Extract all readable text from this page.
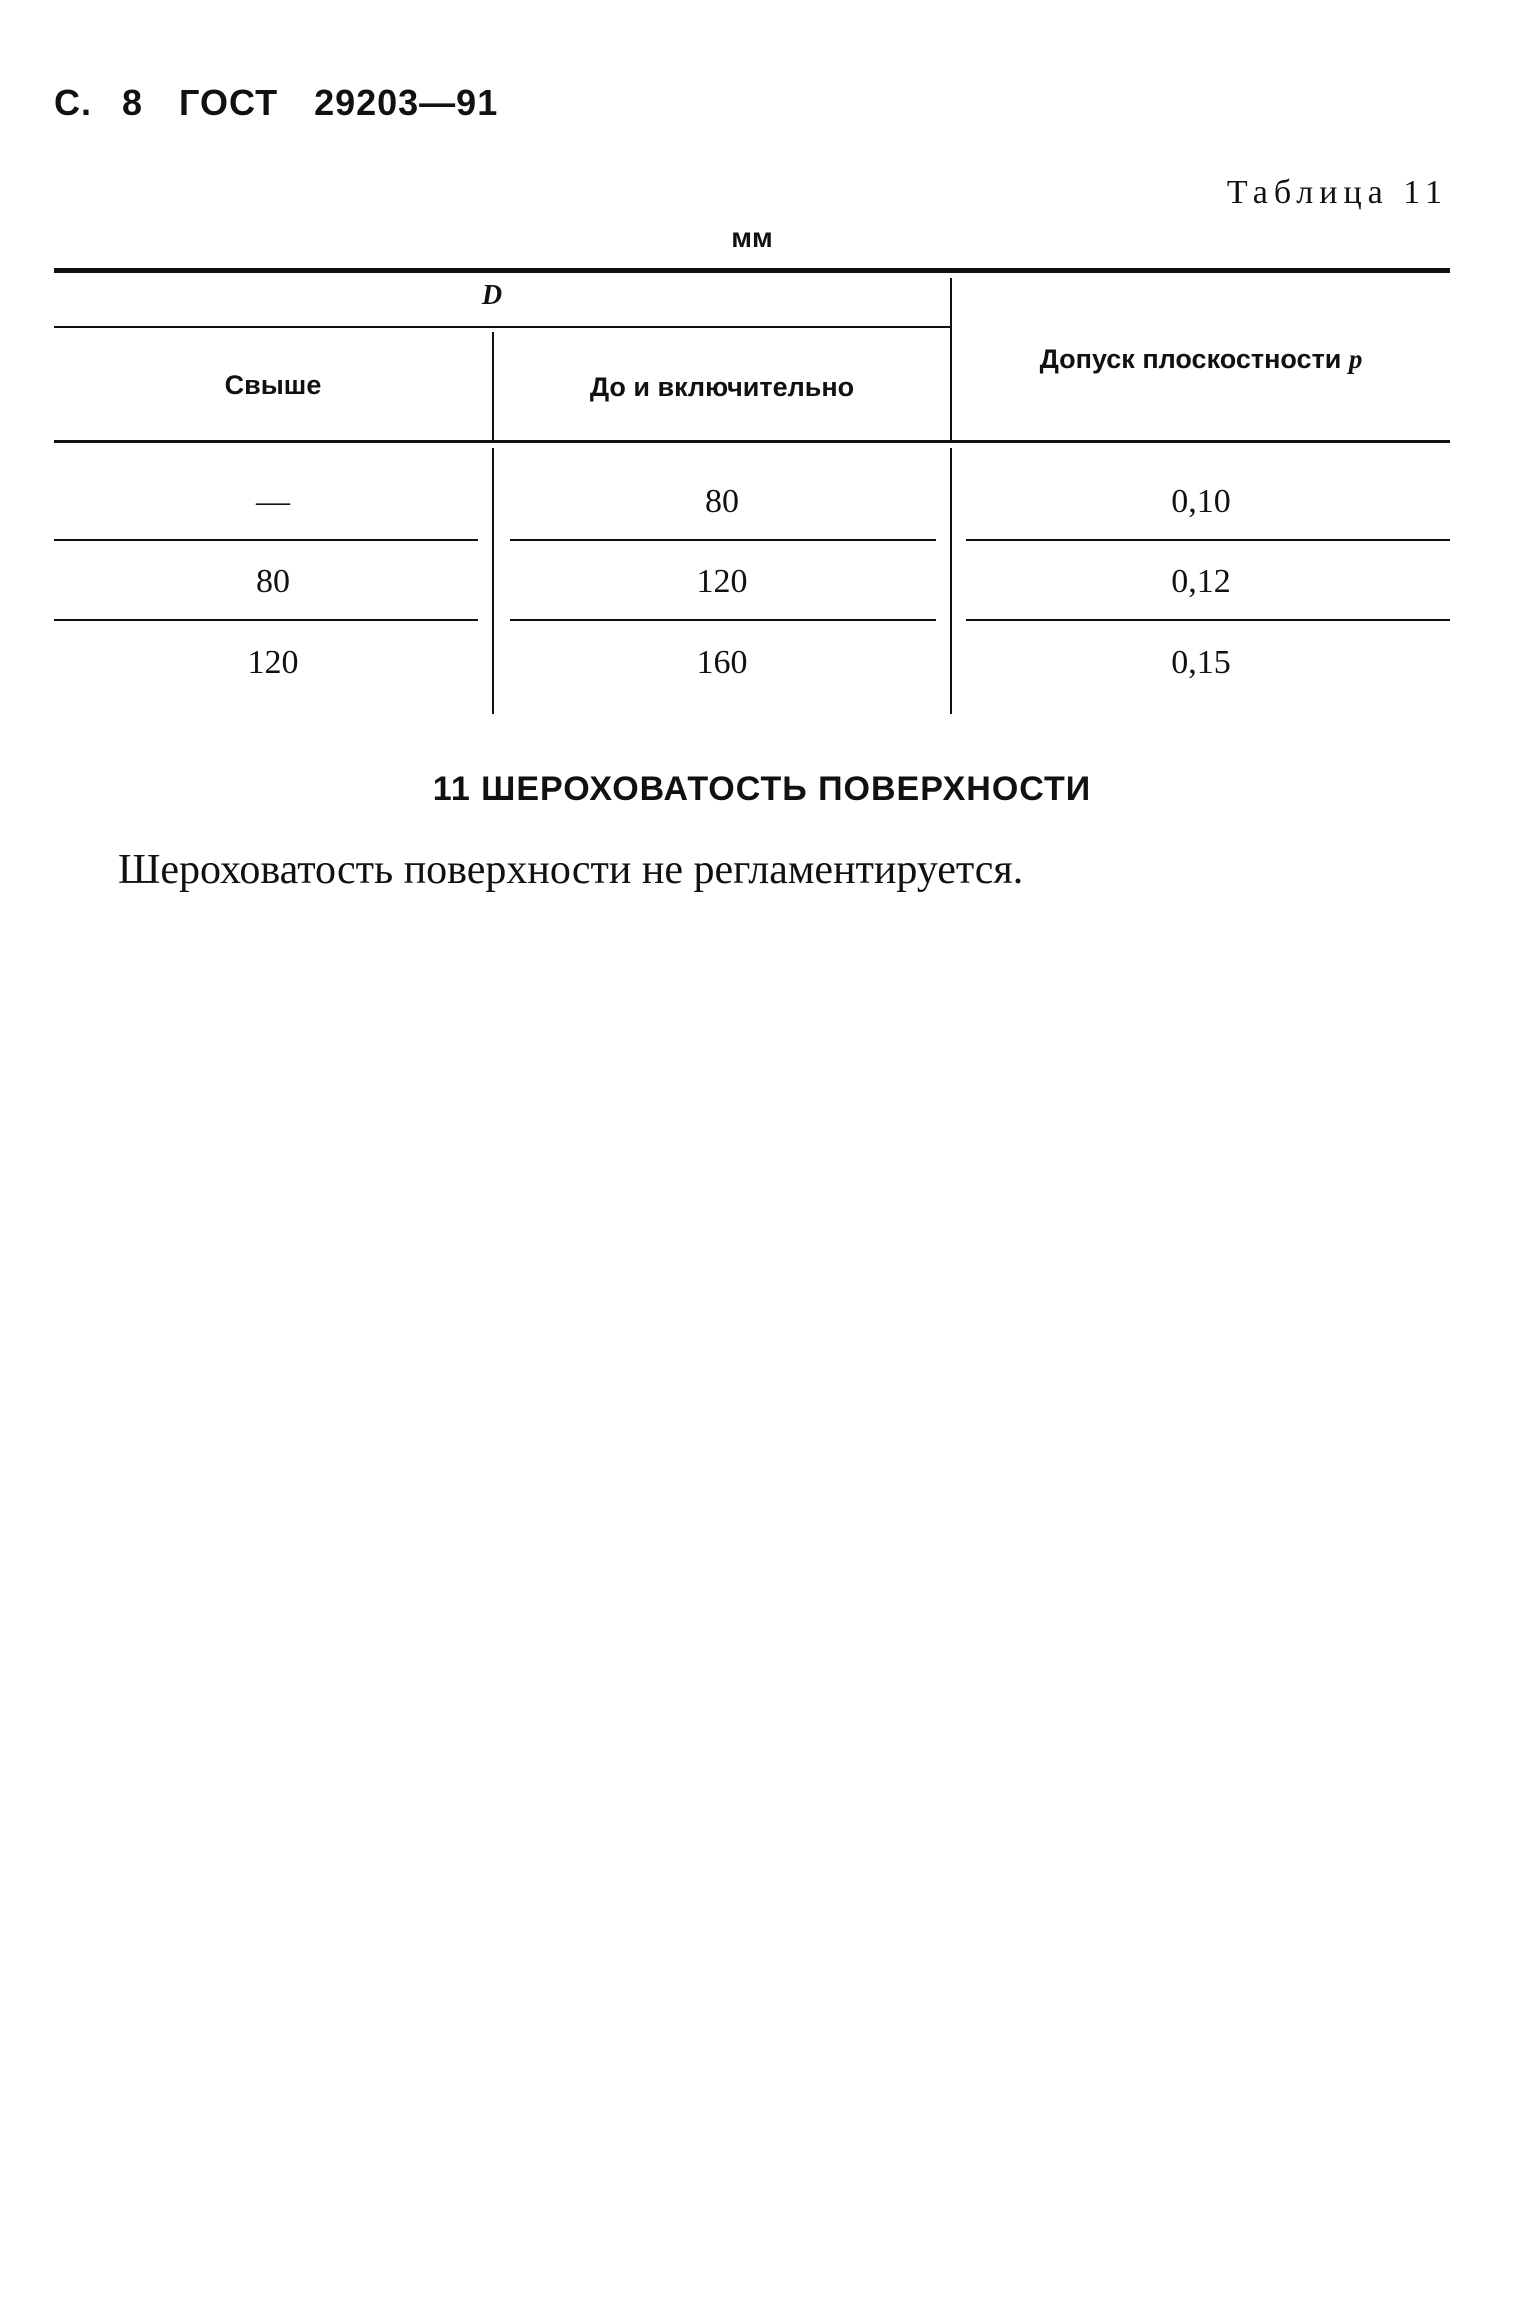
С. 8 ГОСТ 29203—91
Таблица 11
мм
D
Свыше	До и включительно
Допуск плоскостности p
—	80	0,10
80	120	0,12
120	160	0,15
11 ШЕРОХОВАТОСТЬ ПОВЕРХНОСТИ
Шероховатость поверхности не регламентируется.
